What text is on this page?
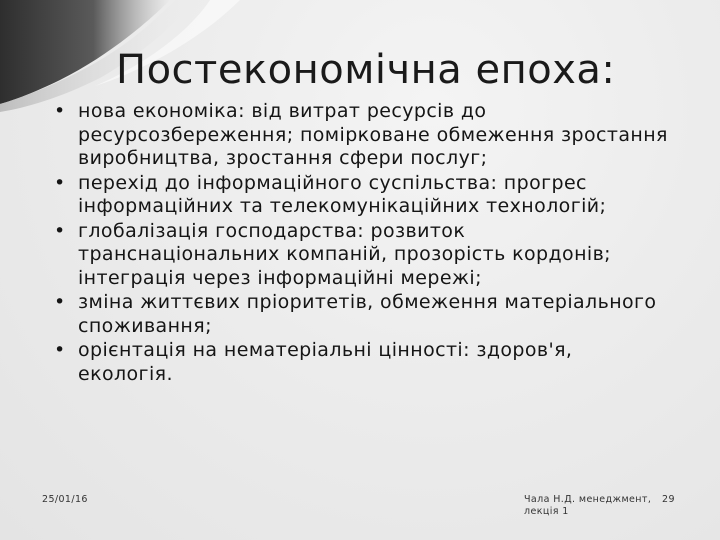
Постекономічна епоха:
• нова економіка: від витрат ресурсів до ресурсозбереження; помірковане обмеження зростання виробництва, зростання сфери послуг;
• перехід до інформаційного суспільства: прогрес інформаційних та телекомунікаційних технологій;
• глобалізація господарства: розвиток транснаціональних компаній, прозорість кордонів; інтеграція через інформаційні мережі;
• зміна життєвих пріоритетів, обмеження матеріального споживання;
• орієнтація на нематеріальні цінності: здоров'я, екологія.
25/01/16	Чала Н.Д. менеджмент, лекція 1
29
